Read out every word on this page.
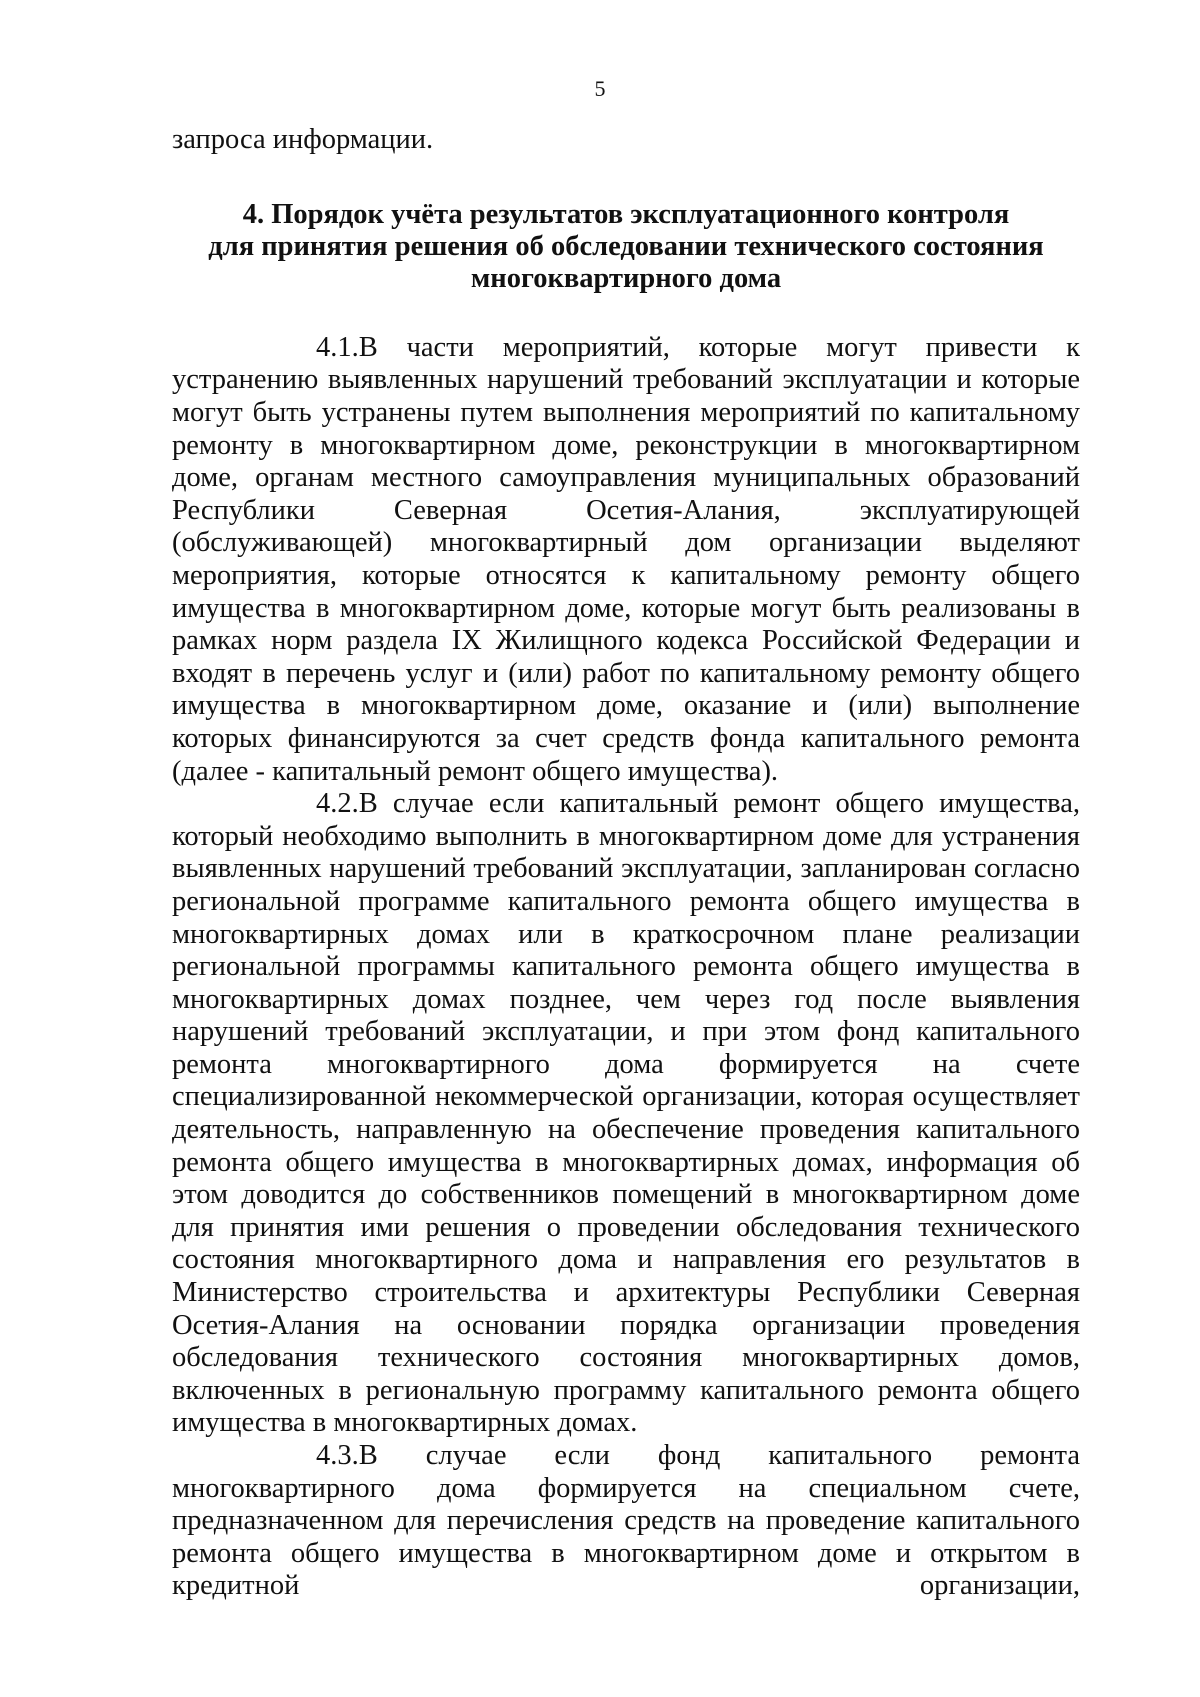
5

запроса информации.

4. Порядок учёта результатов эксплуатационного контроля
для принятия решения об обследовании технического состояния
многоквартирного дома

4.1.В части мероприятий, которые могут привести к устранению выявленных нарушений требований эксплуатации и которые могут быть устранены путем выполнения мероприятий по капитальному ремонту в многоквартирном доме, реконструкции в многоквартирном доме, органам местного самоуправления муниципальных образований Республики Северная Осетия-Алания, эксплуатирующей (обслуживающей) многоквартирный дом организации выделяют мероприятия, которые относятся к капитальному ремонту общего имущества в многоквартирном доме, которые могут быть реализованы в рамках норм раздела IX Жилищного кодекса Российской Федерации и входят в перечень услуг и (или) работ по капитальному ремонту общего имущества в многоквартирном доме, оказание и (или) выполнение которых финансируются за счет средств фонда капитального ремонта (далее - капитальный ремонт общего имущества).

4.2.В случае если капитальный ремонт общего имущества, который необходимо выполнить в многоквартирном доме для устранения выявленных нарушений требований эксплуатации, запланирован согласно региональной программе капитального ремонта общего имущества в многоквартирных домах или в краткосрочном плане реализации региональной программы капитального ремонта общего имущества в многоквартирных домах позднее, чем через год после выявления нарушений требований эксплуатации, и при этом фонд капитального ремонта многоквартирного дома формируется на счете специализированной некоммерческой организации, которая осуществляет деятельность, направленную на обеспечение проведения капитального ремонта общего имущества в многоквартирных домах, информация об этом доводится до собственников помещений в многоквартирном доме для принятия ими решения о проведении обследования технического состояния многоквартирного дома и направления его результатов в Министерство строительства и архитектуры Республики Северная Осетия-Алания на основании порядка организации проведения обследования технического состояния многоквартирных домов, включенных в региональную программу капитального ремонта общего имущества в многоквартирных домах.

4.3.В случае если фонд капитального ремонта многоквартирного дома формируется на специальном счете, предназначенном для перечисления средств на проведение капитального ремонта общего имущества в многоквартирном доме и открытом в кредитной организации,
